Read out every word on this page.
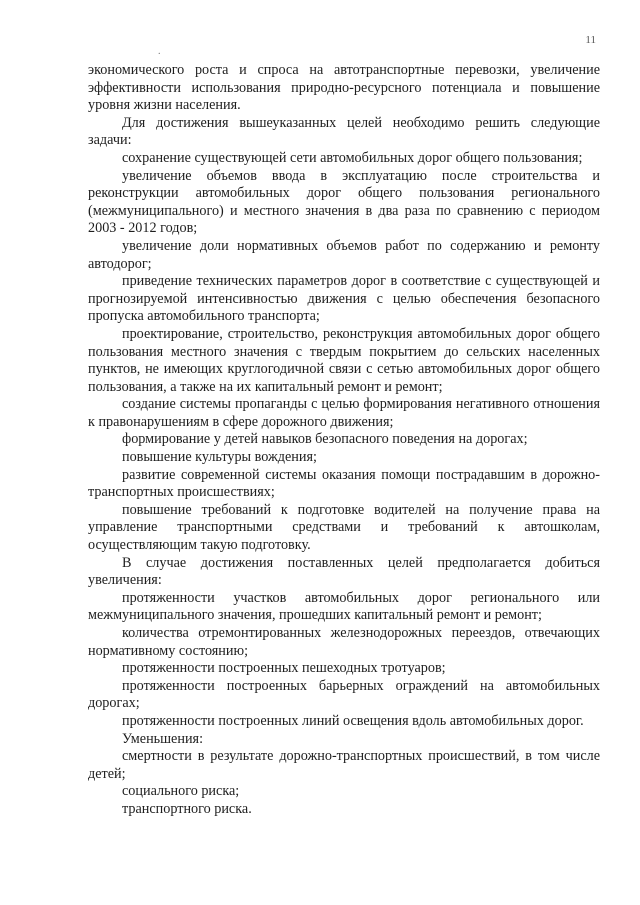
11
.

экономического роста и спроса на автотранспортные перевозки, увеличение эффективности использования природно-ресурсного потенциала и повышение уровня жизни населения.

Для достижения вышеуказанных целей необходимо решить следующие задачи:

сохранение существующей сети автомобильных дорог общего пользования;

увеличение объемов ввода в эксплуатацию после строительства и реконструкции автомобильных дорог общего пользования регионального (межмуниципального) и местного значения в два раза по сравнению с периодом 2003 - 2012 годов;

увеличение доли нормативных объемов работ по содержанию и ремонту автодорог;

приведение технических параметров дорог в соответствие с существующей и прогнозируемой интенсивностью движения с целью обеспечения безопасного пропуска автомобильного транспорта;

проектирование, строительство, реконструкция автомобильных дорог общего пользования местного значения с твердым покрытием до сельских населенных пунктов, не имеющих круглогодичной связи с сетью автомобильных дорог общего пользования, а также на их капитальный ремонт и ремонт;

создание системы пропаганды с целью формирования негативного отношения к правонарушениям в сфере дорожного движения;

формирование у детей навыков безопасного поведения на дорогах;

повышение культуры вождения;

развитие современной системы оказания помощи пострадавшим в дорожно-транспортных происшествиях;

повышение требований к подготовке водителей на получение права на управление транспортными средствами и требований к автошколам, осуществляющим такую подготовку.

В случае достижения поставленных целей предполагается добиться увеличения:

протяженности участков автомобильных дорог регионального или межмуниципального значения, прошедших капитальный ремонт и ремонт;

количества отремонтированных железнодорожных переездов, отвечающих нормативному состоянию;

протяженности построенных пешеходных тротуаров;

протяженности построенных барьерных ограждений на автомобильных дорогах;

протяженности построенных линий освещения вдоль автомобильных дорог.

Уменьшения:

смертности в результате дорожно-транспортных происшествий, в том числе детей;

социального риска;

транспортного риска.
